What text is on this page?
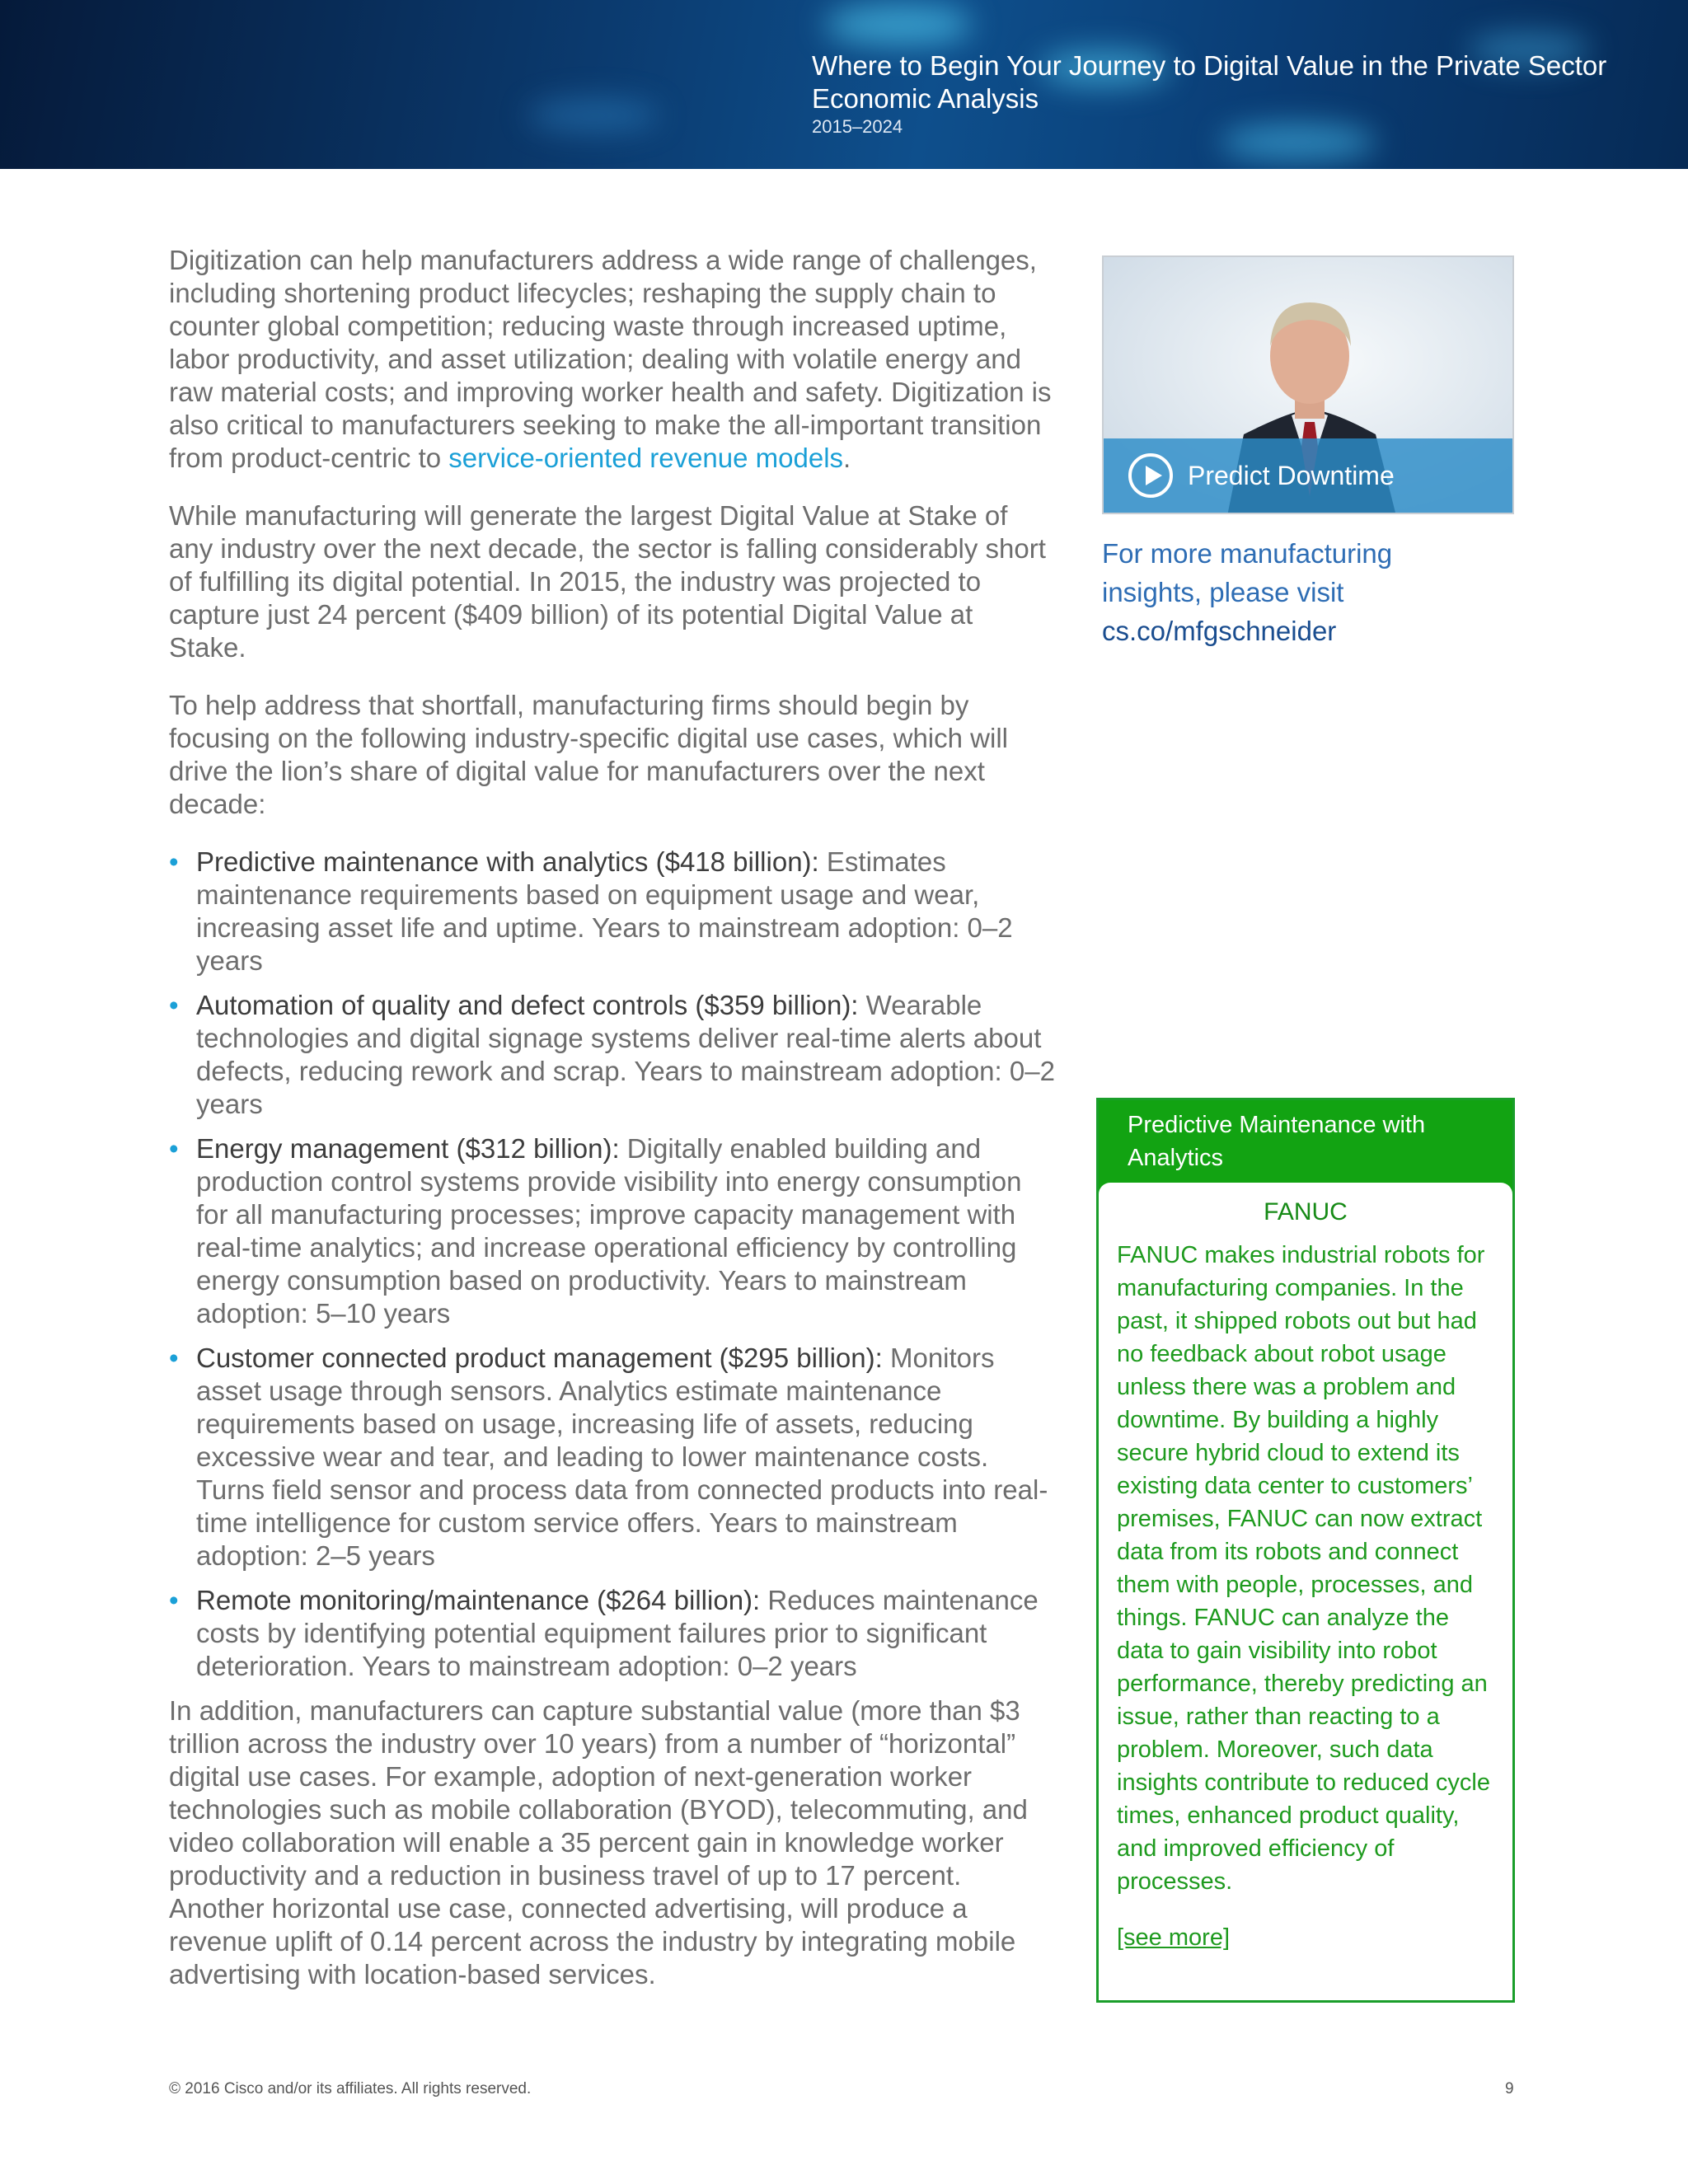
Where to Begin Your Journey to Digital Value in the Private Sector
Economic Analysis
2015–2024

Digitization can help manufacturers address a wide range of challenges, including shortening product lifecycles; reshaping the supply chain to counter global competition; reducing waste through increased uptime, labor productivity, and asset utilization; dealing with volatile energy and raw material costs; and improving worker health and safety. Digitization is also critical to manufacturers seeking to make the all-important transition from product-centric to service-oriented revenue models.

While manufacturing will generate the largest Digital Value at Stake of any industry over the next decade, the sector is falling considerably short of fulfilling its digital potential. In 2015, the industry was projected to capture just 24 percent ($409 billion) of its potential Digital Value at Stake.

To help address that shortfall, manufacturing firms should begin by focusing on the following industry-specific digital use cases, which will drive the lion’s share of digital value for manufacturers over the next decade:

• Predictive maintenance with analytics ($418 billion): Estimates maintenance requirements based on equipment usage and wear, increasing asset life and uptime. Years to mainstream adoption: 0–2 years
• Automation of quality and defect controls ($359 billion): Wearable technologies and digital signage systems deliver real-time alerts about defects, reducing rework and scrap. Years to mainstream adoption: 0–2 years
• Energy management ($312 billion): Digitally enabled building and production control systems provide visibility into energy consumption for all manufacturing processes; improve capacity management with real-time analytics; and increase operational efficiency by controlling energy consumption based on productivity. Years to mainstream adoption: 5–10 years
• Customer connected product management ($295 billion): Monitors asset usage through sensors. Analytics estimate maintenance requirements based on usage, increasing life of assets, reducing excessive wear and tear, and leading to lower maintenance costs. Turns field sensor and process data from connected products into real-time intelligence for custom service offers. Years to mainstream adoption: 2–5 years
• Remote monitoring/maintenance ($264 billion): Reduces maintenance costs by identifying potential equipment failures prior to significant deterioration. Years to mainstream adoption: 0–2 years

In addition, manufacturers can capture substantial value (more than $3 trillion across the industry over 10 years) from a number of “horizontal” digital use cases. For example, adoption of next-generation worker technologies such as mobile collaboration (BYOD), telecommuting, and video collaboration will enable a 35 percent gain in knowledge worker productivity and a reduction in business travel of up to 17 percent. Another horizontal use case, connected advertising, will produce a revenue uplift of 0.14 percent across the industry by integrating mobile advertising with location-based services.

Predict Downtime
For more manufacturing
insights, please visit
cs.co/mfgschneider
Predictive Maintenance with Analytics
FANUC
FANUC makes industrial robots for manufacturing companies. In the past, it shipped robots out but had no feedback about robot usage unless there was a problem and downtime. By building a highly secure hybrid cloud to extend its existing data center to customers’ premises, FANUC can now extract data from its robots and connect them with people, processes, and things. FANUC can analyze the data to gain visibility into robot performance, thereby predicting an issue, rather than reacting to a problem. Moreover, such data insights contribute to reduced cycle times, enhanced product quality, and improved efficiency of processes.
[see more]
© 2016 Cisco and/or its affiliates. All rights reserved.	9
